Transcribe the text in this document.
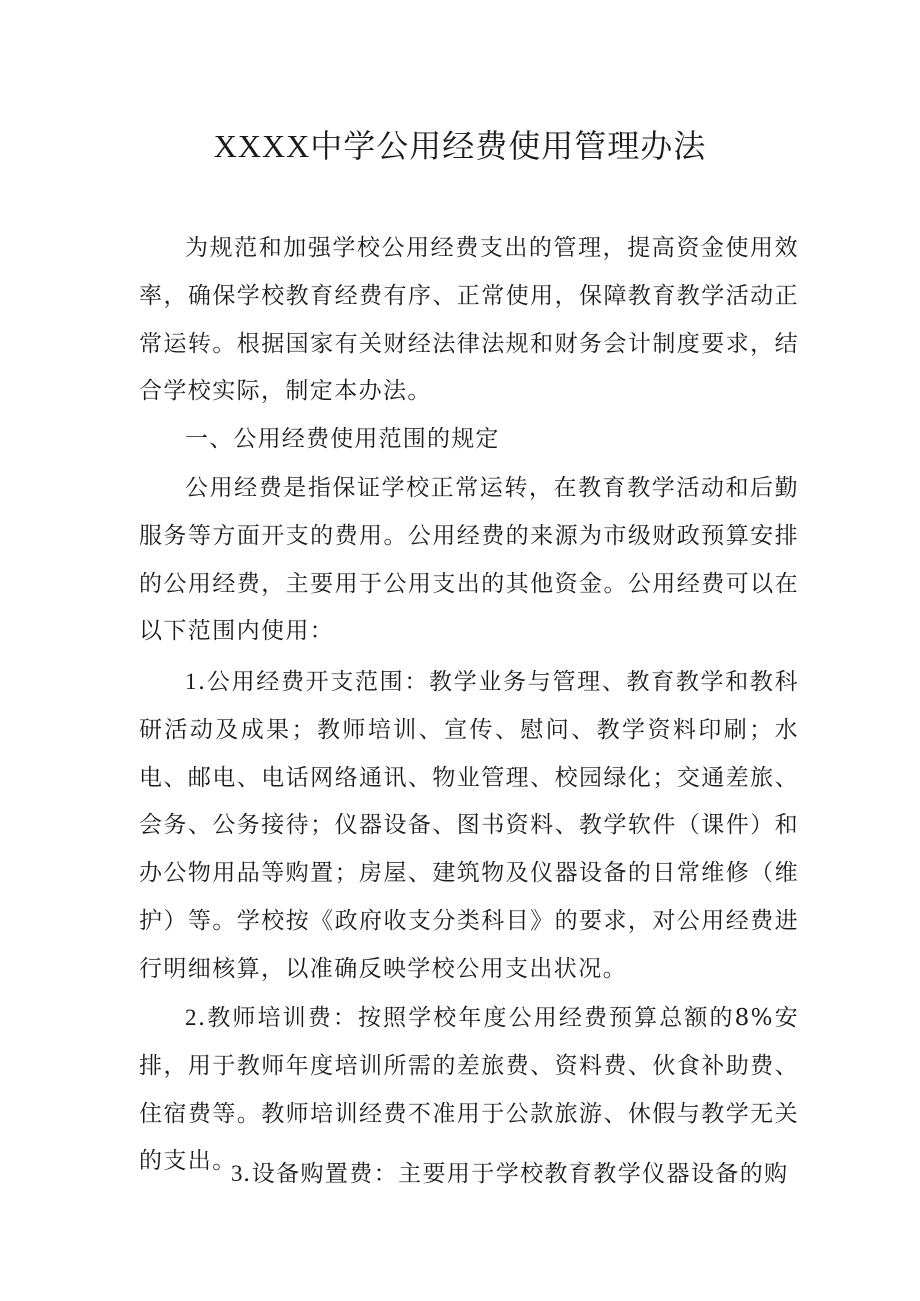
XXXX中学公用经费使用管理办法
为规范和加强学校公用经费支出的管理，提高资金使用效率，确保学校教育经费有序、正常使用，保障教育教学活动正常运转。根据国家有关财经法律法规和财务会计制度要求，结合学校实际，制定本办法。
一、公用经费使用范围的规定
公用经费是指保证学校正常运转，在教育教学活动和后勤服务等方面开支的费用。公用经费的来源为市级财政预算安排的公用经费，主要用于公用支出的其他资金。公用经费可以在以下范围内使用：
1.公用经费开支范围：教学业务与管理、教育教学和教科研活动及成果；教师培训、宣传、慰问、教学资料印刷；水电、邮电、电话网络通讯、物业管理、校园绿化；交通差旅、会务、公务接待；仪器设备、图书资料、教学软件（课件）和办公物用品等购置；房屋、建筑物及仪器设备的日常维修（维护）等。学校按《政府收支分类科目》的要求，对公用经费进行明细核算，以准确反映学校公用支出状况。
2.教师培训费：按照学校年度公用经费预算总额的8%安排，用于教师年度培训所需的差旅费、资料费、伙食补助费、住宿费等。教师培训经费不准用于公款旅游、休假与教学无关的支出。
3.设备购置费：主要用于学校教育教学仪器设备的购
